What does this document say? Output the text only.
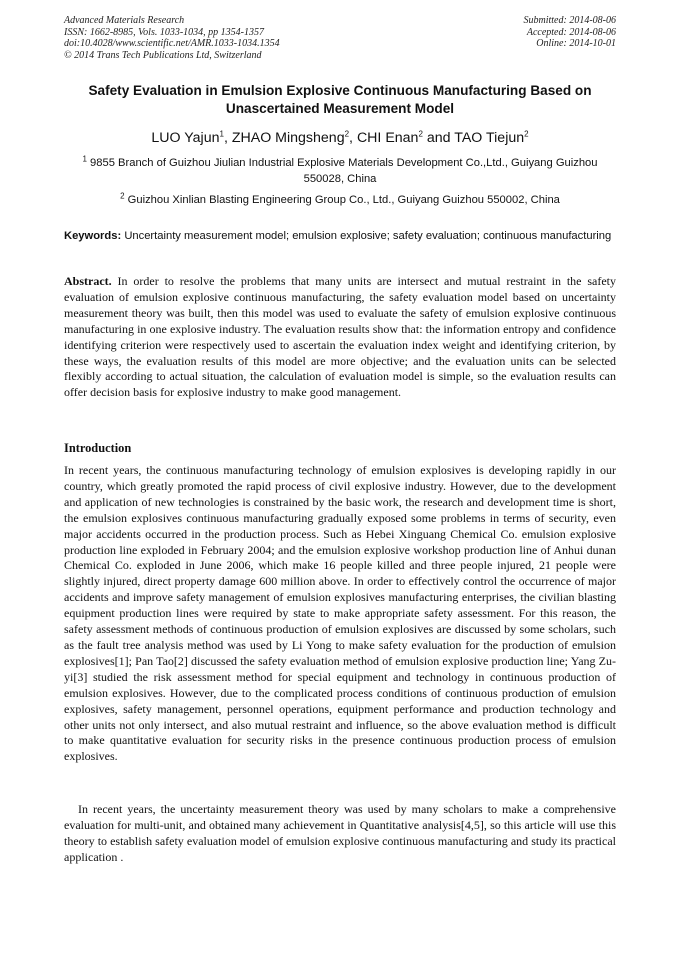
Advanced Materials Research
ISSN: 1662-8985, Vols. 1033-1034, pp 1354-1357
doi:10.4028/www.scientific.net/AMR.1033-1034.1354
© 2014 Trans Tech Publications Ltd, Switzerland
Submitted: 2014-08-06
Accepted: 2014-08-06
Online: 2014-10-01
Safety Evaluation in Emulsion Explosive Continuous Manufacturing Based on Unascertained Measurement Model
LUO Yajun$^1$, ZHAO Mingsheng$^2$, CHI Enan$^2$ and TAO Tiejun$^2$
$^1$ 9855 Branch of Guizhou Jiulian Industrial Explosive Materials Development Co.,Ltd., Guiyang Guizhou 550028, China
$^2$ Guizhou Xinlian Blasting Engineering Group Co., Ltd., Guiyang Guizhou 550002, China
Keywords: Uncertainty measurement model; emulsion explosive; safety evaluation; continuous manufacturing
Abstract. In order to resolve the problems that many units are intersect and mutual restraint in the safety evaluation of emulsion explosive continuous manufacturing, the safety evaluation model based on uncertainty measurement theory was built, then this model was used to evaluate the safety of emulsion explosive continuous manufacturing in one explosive industry. The evaluation results show that: the information entropy and confidence identifying criterion were respectively used to ascertain the evaluation index weight and identifying criterion, by these ways, the evaluation results of this model are more objective; and the evaluation units can be selected flexibly according to actual situation, the calculation of evaluation model is simple, so the evaluation results can offer decision basis for explosive industry to make good management.
Introduction
In recent years, the continuous manufacturing technology of emulsion explosives is developing rapidly in our country, which greatly promoted the rapid process of civil explosive industry. However, due to the development and application of new technologies is constrained by the basic work, the research and development time is short, the emulsion explosives continuous manufacturing gradually exposed some problems in terms of security, even major accidents occurred in the production process. Such as Hebei Xinguang Chemical Co. emulsion explosive production line exploded in February 2004; and the emulsion explosive workshop production line of Anhui dunan Chemical Co. exploded in June 2006, which make 16 people killed and three people injured, 21 people were slightly injured, direct property damage 600 million above. In order to effectively control the occurrence of major accidents and improve safety management of emulsion explosives manufacturing enterprises, the civilian blasting equipment production lines were required by state to make appropriate safety assessment. For this reason, the safety assessment methods of continuous production of emulsion explosives are discussed by some scholars, such as the fault tree analysis method was used by Li Yong to make safety evaluation for the production of emulsion explosives[1]; Pan Tao[2] discussed the safety evaluation method of emulsion explosive production line; Yang Zu-yi[3] studied the risk assessment method for special equipment and technology in continuous production of emulsion explosives. However, due to the complicated process conditions of continuous production of emulsion explosives, safety management, personnel operations, equipment performance and production technology and other units not only intersect, and also mutual restraint and influence, so the above evaluation method is difficult to make quantitative evaluation for security risks in the presence continuous production process of emulsion explosives.
In recent years, the uncertainty measurement theory was used by many scholars to make a comprehensive evaluation for multi-unit, and obtained many achievement in Quantitative analysis[4,5], so this article will use this theory to establish safety evaluation model of emulsion explosive continuous manufacturing and study its practical application .
